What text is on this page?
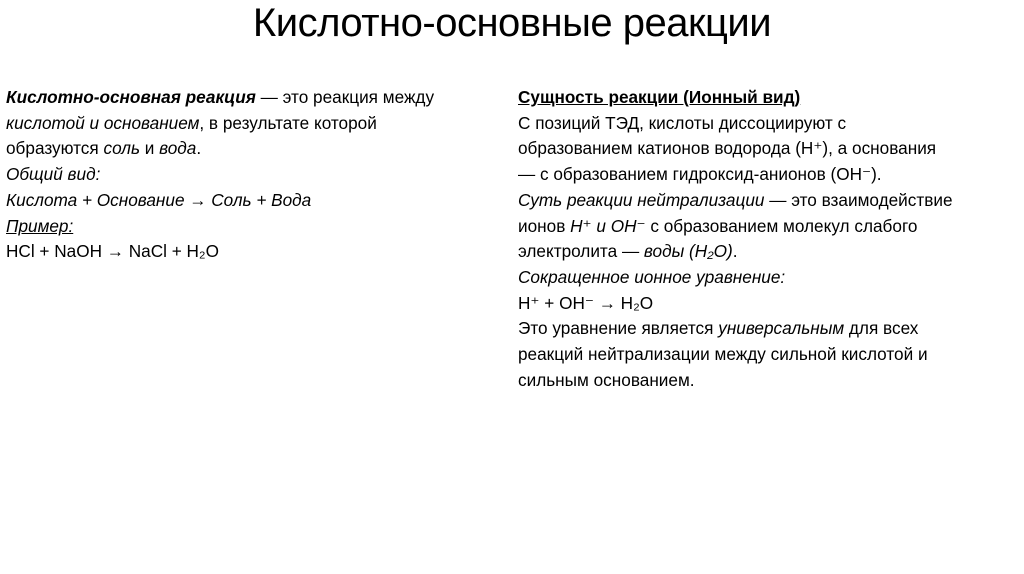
Кислотно-основные реакции
Кислотно-основная реакция — это реакция между
кислотой и основанием, в результате которой
образуются соль и вода.
Общий вид:
Кислота + Основание → Соль + Вода
Пример:
HCl + NaOH → NaCl + H₂O
Сущность реакции (Ионный вид)
С позиций ТЭД, кислоты диссоциируют с
образованием катионов водорода (H⁺), а основания
— с образованием гидроксид-анионов (OH⁻).
Суть реакции нейтрализации — это взаимодействие
ионов H⁺ и OH⁻ с образованием молекул слабого
электролита — воды (H₂O).
Сокращенное ионное уравнение:
H⁺ + OH⁻ → H₂O
Это уравнение является универсальным для всех
реакций нейтрализации между сильной кислотой и
сильным основанием.
